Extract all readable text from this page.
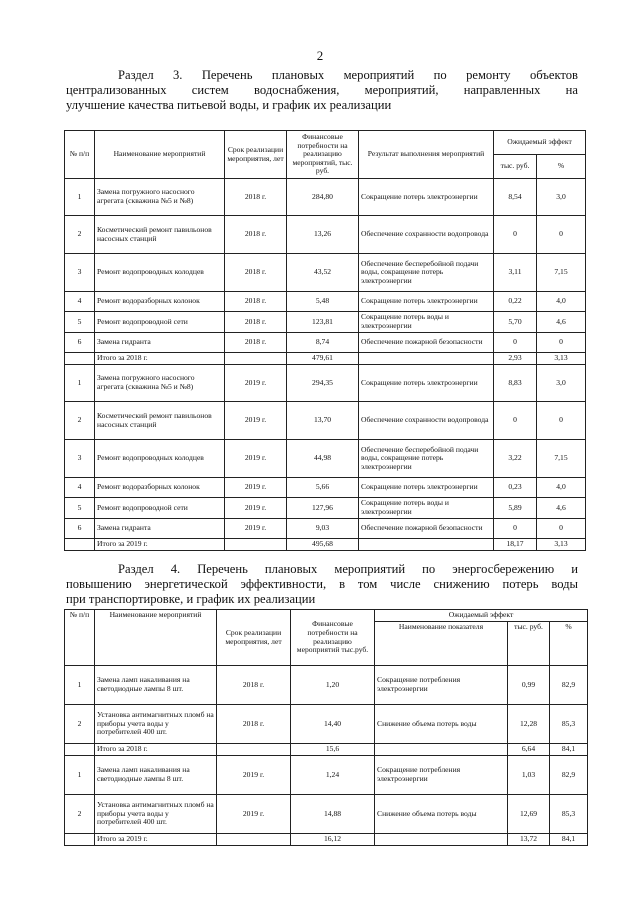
2

Раздел 3. Перечень плановых мероприятий по ремонту объектов

централизованных систем водоснабжения, мероприятий, направленных на

улучшение качества питьевой воды, и график их реализации

№ п/п	Наименование мероприятий	Срок реализации мероприятия, лет	Финансовые потребности на реализацию мероприятий, тыс. руб.	Результат выполнения мероприятий	Ожидаемый эффект	
					тыс. руб.	%
1	Замена погружного насосного агрегата (скважина №5 и №8)	2018 г.	284,80	Сокращение потерь электроэнергии	8,54	3,0
2	Косметический ремонт павильонов насосных станций	2018 г.	13,26	Обеспечение сохранности водопровода	0	0
3	Ремонт водопроводных колодцев	2018 г.	43,52	Обеспечение бесперебойной подачи воды, сокращение потерь электроэнергии	3,11	7,15
4	Ремонт водоразборных колонок	2018 г.	5,48	Сокращение потерь электроэнергии	0,22	4,0
5	Ремонт водопроводной сети	2018 г.	123,81	Сокращение потерь воды и электроэнергии	5,70	4,6
6	Замена гидранта	2018 г.	8,74	Обеспечение пожарной безопасности	0	0
	Итого за 2018 г.		479,61		2,93	3,13
1	Замена погружного насосного агрегата (скважина №5 и №8)	2019 г.	294,35	Сокращение потерь электроэнергии	8,83	3,0
2	Косметический ремонт павильонов насосных станций	2019 г.	13,70	Обеспечение сохранности водопровода	0	0
3	Ремонт водопроводных колодцев	2019 г.	44,98	Обеспечение бесперебойной подачи воды, сокращение потерь электроэнергии	3,22	7,15
4	Ремонт водоразборных колонок	2019 г.	5,66	Сокращение потерь электроэнергии	0,23	4,0
5	Ремонт водопроводной сети	2019 г.	127,96	Сокращение потерь воды и электроэнергии	5,89	4,6
6	Замена гидранта	2019 г.	9,03	Обеспечение пожарной безопасности	0	0
	Итого за 2019 г.		495,68		18,17	3,13

Раздел 4. Перечень плановых мероприятий по энергосбережению и

повышению энергетической эффективности, в том числе снижению потерь воды

при транспортировке, и график их реализации

№ п/п	Наименование мероприятий	Срок реализации мероприятия, лет	Финансовые потребности на реализацию мероприятий тыс.руб.	Ожидаемый эффект		
				Наименование показателя	тыс. руб.	%
1	Замена ламп накаливания на светодиодные лампы 8 шт.	2018 г.	1,20	Сокращение потребления электроэнергии	0,99	82,9
2	Установка антимагнитных пломб на приборы учета воды у потребителей 400 шт.	2018 г.	14,40	Снижение объема потерь воды	12,28	85,3
	Итого за 2018 г.		15,6		6,64	84,1
1	Замена ламп накаливания на светодиодные лампы 8 шт.	2019 г.	1,24	Сокращение потребления электроэнергии	1,03	82,9
2	Установка антимагнитных пломб на приборы учета воды у потребителей 400 шт.	2019 г.	14,88	Снижение объема потерь воды	12,69	85,3
	Итого за 2019 г.		16,12		13,72	84,1
